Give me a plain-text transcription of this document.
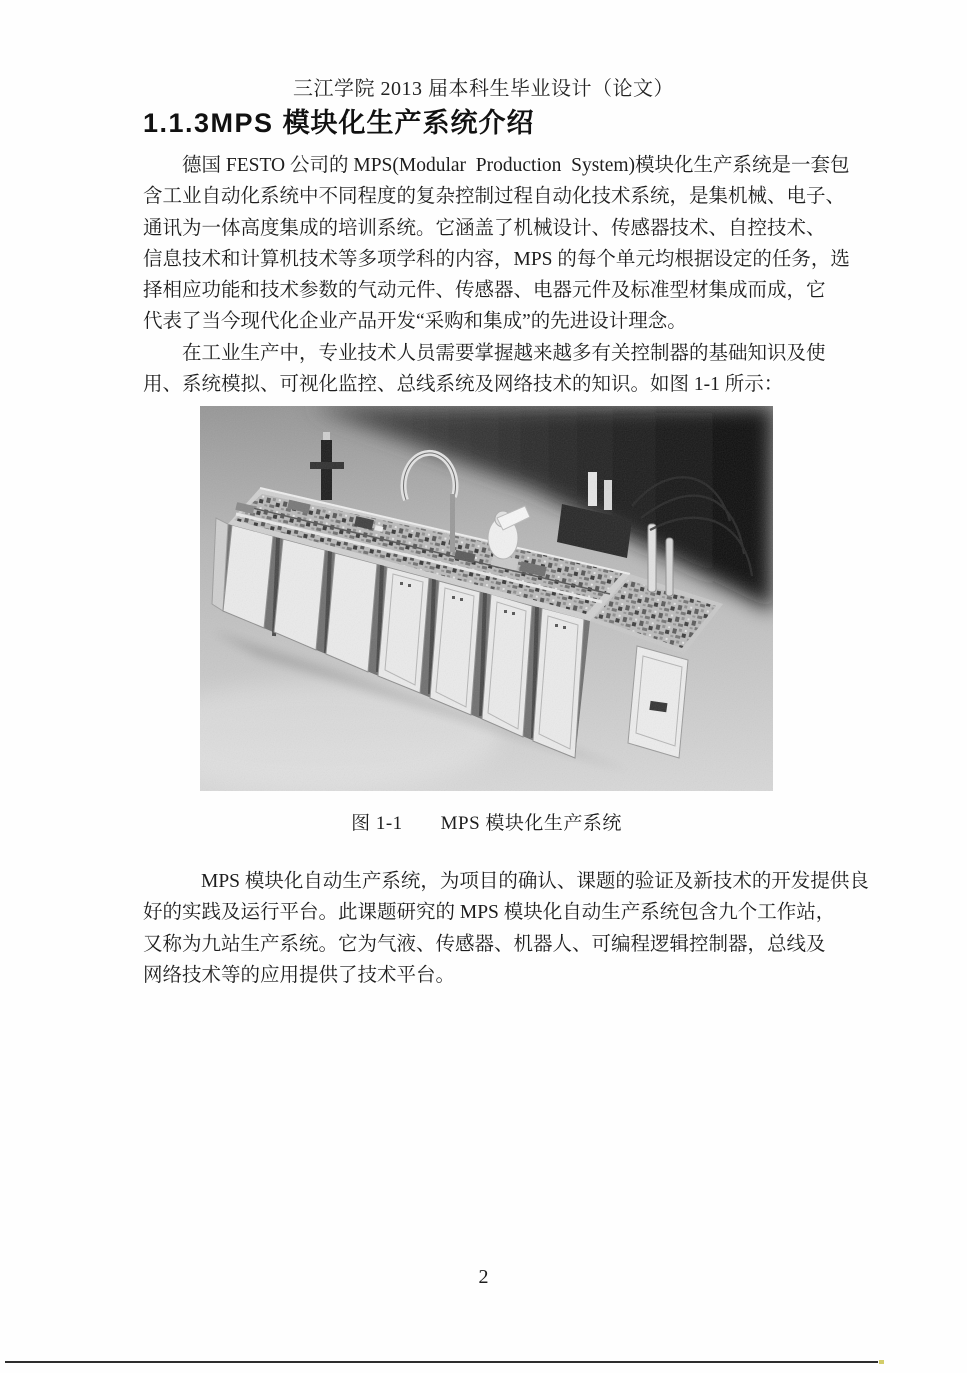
三江学院 2013 届本科生毕业设计（论文）
1.1.3MPS 模块化生产系统介绍
德国 FESTO 公司的 MPS(Modular  Production  System)模块化生产系统是一套包
含工业自动化系统中不同程度的复杂控制过程自动化技术系统，是集机械、电子、
通讯为一体高度集成的培训系统。它涵盖了机械设计、传感器技术、自控技术、
信息技术和计算机技术等多项学科的内容，MPS 的每个单元均根据设定的任务，选
择相应功能和技术参数的气动元件、传感器、电器元件及标准型材集成而成，它
代表了当今现代化企业产品开发“采购和集成”的先进设计理念。
在工业生产中，专业技术人员需要掌握越来越多有关控制器的基础知识及使
用、系统模拟、可视化监控、总线系统及网络技术的知识。如图 1-1 所示：
图 1-1 MPS 模块化生产系统
MPS 模块化自动生产系统，为项目的确认、课题的验证及新技术的开发提供良
好的实践及运行平台。此课题研究的 MPS 模块化自动生产系统包含九个工作站，
又称为九站生产系统。它为气液、传感器、机器人、可编程逻辑控制器，总线及
网络技术等的应用提供了技术平台。
2
